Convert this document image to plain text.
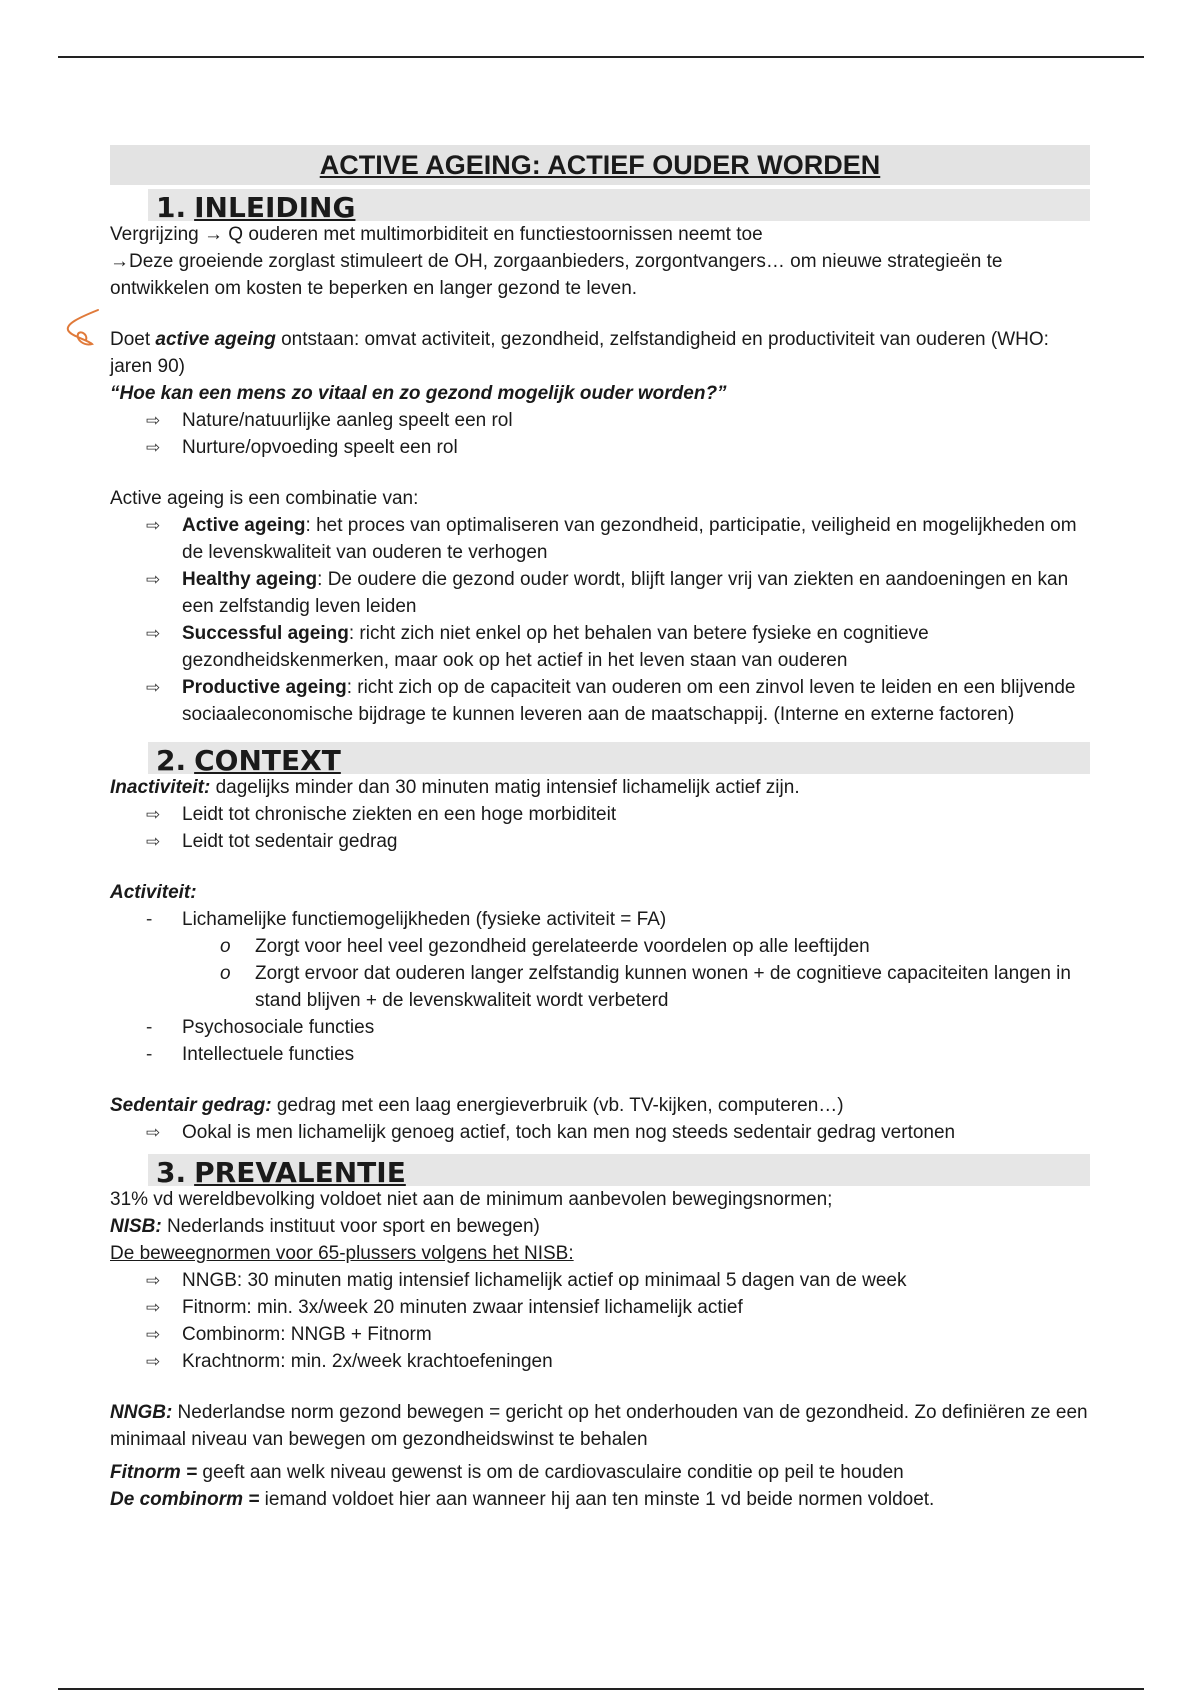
ACTIVE AGEING: ACTIEF OUDER WORDEN
1. INLEIDING

Vergrijzing → Q ouderen met multimorbiditeit en functiestoornissen neemt toe

→Deze groeiende zorglast stimuleert de OH, zorgaanbieders, zorgontvangers… om nieuwe strategieën te ontwikkelen om kosten te beperken en langer gezond te leven.

Doet active ageing ontstaan: omvat activiteit, gezondheid, zelfstandigheid en productiviteit van ouderen (WHO: jaren 90)

“Hoe kan een mens zo vitaal en zo gezond mogelijk ouder worden?”

⇨ Nature/natuurlijke aanleg speelt een rol
⇨ Nurture/opvoeding speelt een rol

Active ageing is een combinatie van:

⇨ Active ageing: het proces van optimaliseren van gezondheid, participatie, veiligheid en mogelijkheden om de levenskwaliteit van ouderen te verhogen
⇨ Healthy ageing: De oudere die gezond ouder wordt, blijft langer vrij van ziekten en aandoeningen en kan een zelfstandig leven leiden
⇨ Successful ageing: richt zich niet enkel op het behalen van betere fysieke en cognitieve gezondheidskenmerken, maar ook op het actief in het leven staan van ouderen
⇨ Productive ageing: richt zich op de capaciteit van ouderen om een zinvol leven te leiden en een blijvende sociaaleconomische bijdrage te kunnen leveren aan de maatschappij. (Interne en externe factoren)
2. CONTEXT

Inactiviteit: dagelijks minder dan 30 minuten matig intensief lichamelijk actief zijn.

⇨ Leidt tot chronische ziekten en een hoge morbiditeit
⇨ Leidt tot sedentair gedrag

Activiteit:

- Lichamelijke functiemogelijkheden (fysieke activiteit = FA)
o Zorgt voor heel veel gezondheid gerelateerde voordelen op alle leeftijden
o Zorgt ervoor dat ouderen langer zelfstandig kunnen wonen + de cognitieve capaciteiten langen in stand blijven + de levenskwaliteit wordt verbeterd
- Psychosociale functies
- Intellectuele functies

Sedentair gedrag: gedrag met een laag energieverbruik (vb. TV-kijken, computeren…)

⇨ Ookal is men lichamelijk genoeg actief, toch kan men nog steeds sedentair gedrag vertonen
3. PREVALENTIE

31% vd wereldbevolking voldoet niet aan de minimum aanbevolen bewegingsnormen;

NISB: Nederlands instituut voor sport en bewegen)

De beweegnormen voor 65-plussers volgens het NISB:

⇨ NNGB: 30 minuten matig intensief lichamelijk actief op minimaal 5 dagen van de week
⇨ Fitnorm: min. 3x/week 20 minuten zwaar intensief lichamelijk actief
⇨ Combinorm: NNGB + Fitnorm
⇨ Krachtnorm: min. 2x/week krachtoefeningen

NNGB: Nederlandse norm gezond bewegen = gericht op het onderhouden van de gezondheid. Zo definiëren ze een minimaal niveau van bewegen om gezondheidswinst te behalen

Fitnorm = geeft aan welk niveau gewenst is om de cardiovasculaire conditie op peil te houden

De combinorm = iemand voldoet hier aan wanneer hij aan ten minste 1 vd beide normen voldoet.
